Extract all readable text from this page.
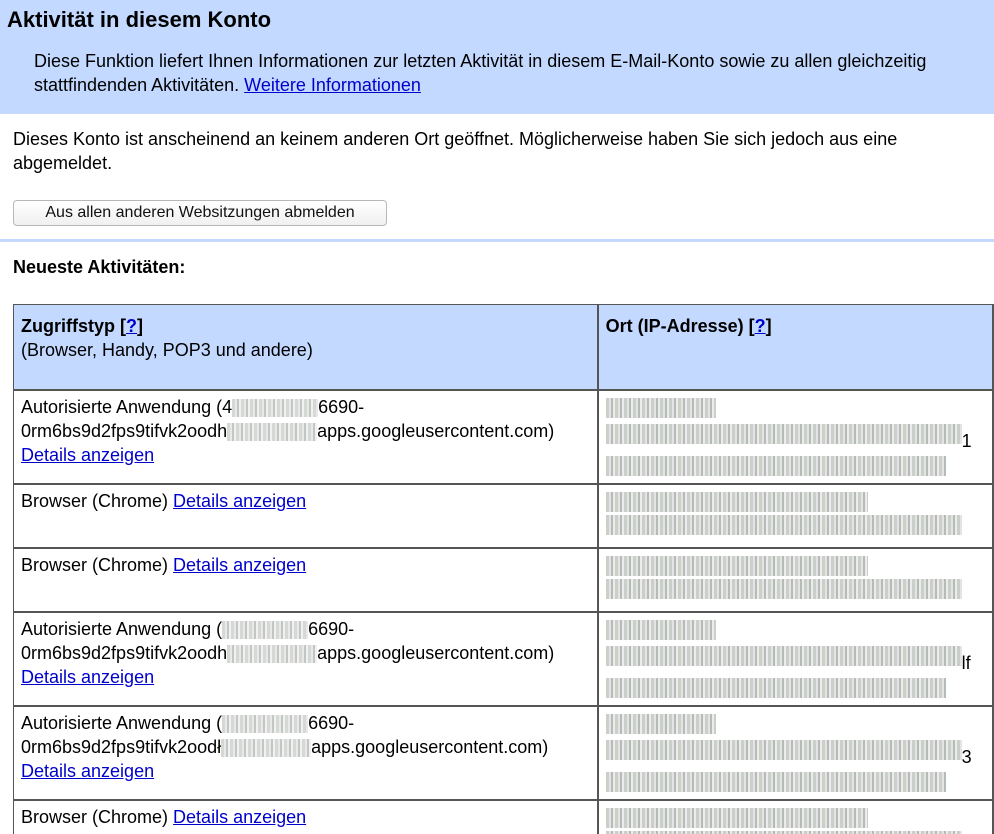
Aktivität in diesem Konto

Diese Funktion liefert Ihnen Informationen zur letzten Aktivität in diesem E-Mail-Konto sowie zu allen gleichzeitig stattfindenden Aktivitäten. Weitere Informationen

Dieses Konto ist anscheinend an keinem anderen Ort geöffnet. Möglicherweise haben Sie sich jedoch aus eine
abgemeldet.
Aus allen anderen Websitzungen abmelden
Neueste Aktivitäten:
Zugriffstyp [?]
(Browser, Handy, POP3 und andere)	Ort (IP-Adresse) [?]
Autorisierte Anwendung (4 6690-
0rm6bs9d2fps9tifvk2oodh apps.googleusercontent.com)
Details anzeigen	1

Browser (Chrome) Details anzeigen	

Browser (Chrome) Details anzeigen	

Autorisierte Anwendung ( 6690-
0rm6bs9d2fps9tifvk2oodh apps.googleusercontent.com)
Details anzeigen	lf

Autorisierte Anwendung ( 6690-
0rm6bs9d2fps9tifvk2oodł apps.googleusercontent.com)
Details anzeigen	3

Browser (Chrome) Details anzeigen	
